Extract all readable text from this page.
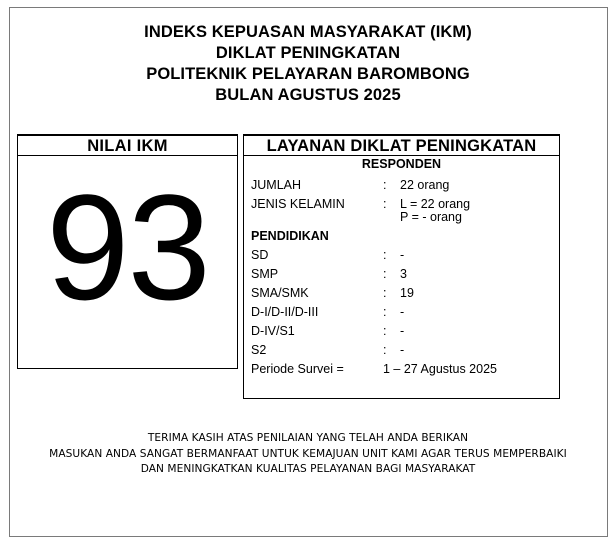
INDEKS KEPUASAN MASYARAKAT (IKM)
DIKLAT PENINGKATAN
POLITEKNIK PELAYARAN BAROMBONG
BULAN AGUSTUS 2025
NILAI IKM
93
LAYANAN DIKLAT PENINGKATAN
RESPONDEN
JUMLAH	: 22 orang
JENIS KELAMIN	: L = 22 orang
P = - orang
PENDIDIKAN
SD	: -
SMP	: 3
SMA/SMK	: 19
D-I/D-II/D-III	: -
D-IV/S1	: -
S2	: -
Periode Survei =	1 – 27 Agustus 2025
TERIMA KASIH ATAS PENILAIAN YANG TELAH ANDA BERIKAN
MASUKAN ANDA SANGAT BERMANFAAT UNTUK KEMAJUAN UNIT KAMI AGAR TERUS MEMPERBAIKI
DAN MENINGKATKAN KUALITAS PELAYANAN BAGI MASYARAKAT
